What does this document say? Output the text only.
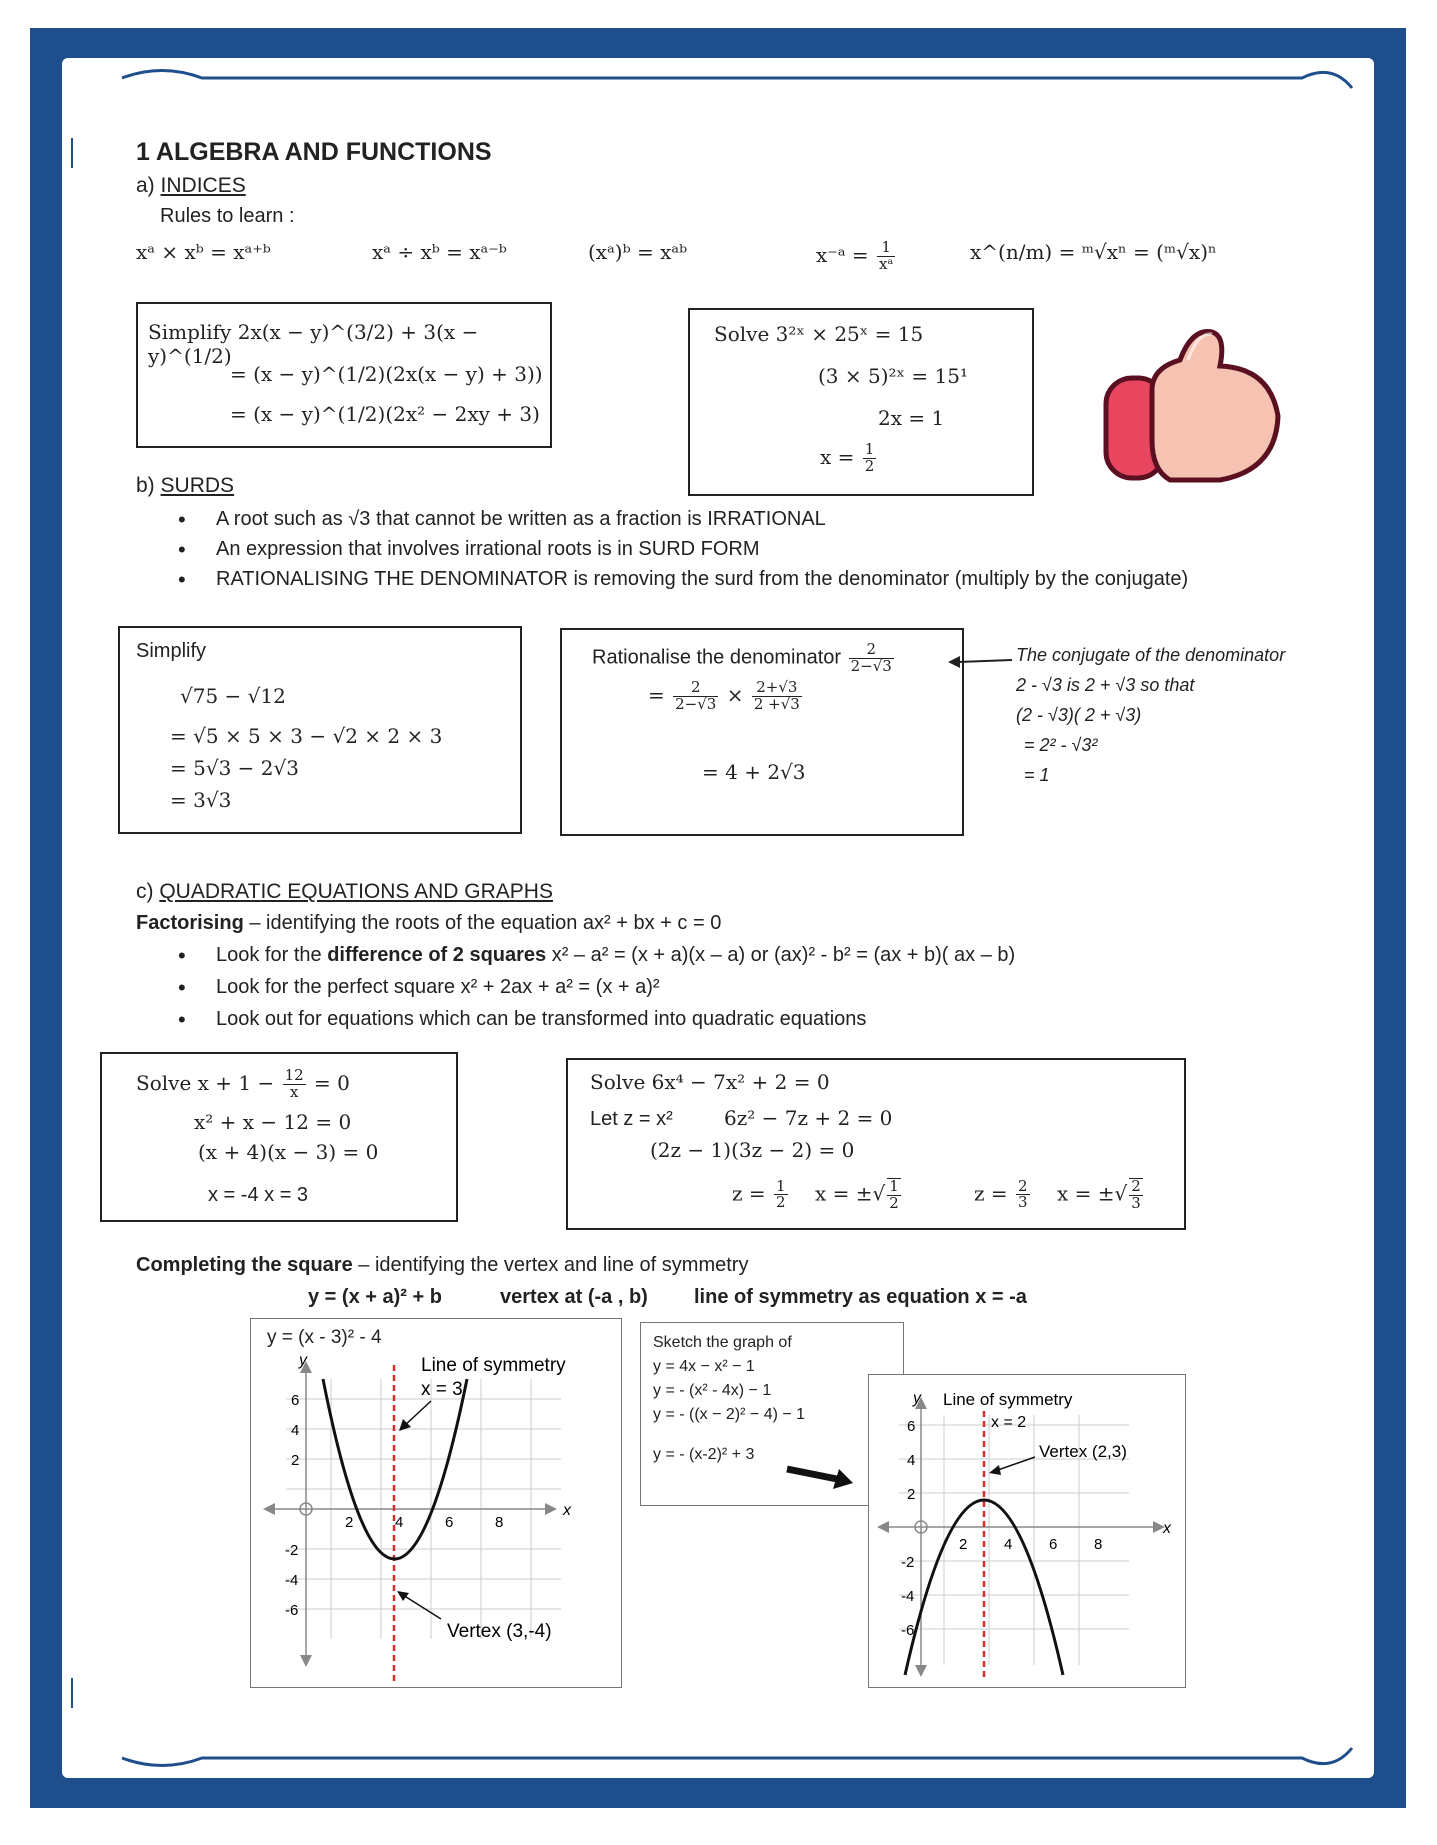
1 ALGEBRA AND FUNCTIONS
a) INDICES
Rules to learn :
xᵃ × xᵇ = xᵃ⁺ᵇ	xᵃ ÷ xᵇ = xᵃ⁻ᵇ	(xᵃ)ᵇ = xᵃᵇ	x⁻ᵃ = $\frac{1}{\text{xᵃ}}$	x^(n/m) = ᵐ√xⁿ = (ᵐ√x)ⁿ
Simplify 2x(x − y)^(3/2) + 3(x − y)^(1/2)
= (x − y)^(1/2)(2x(x − y) + 3))
= (x − y)^(1/2)(2x² − 2xy + 3)
Solve 3²ˣ × 25ˣ = 15
(3 × 5)²ˣ = 15¹
2x = 1
$x = \frac{1}{2}$
b) SURDS
• A root such as √3 that cannot be written as a fraction is IRRATIONAL
• An expression that involves irrational roots is in SURD FORM
• RATIONALISING THE DENOMINATOR is removing the surd from the denominator (multiply by the conjugate)
Simplify
√75 − √12
= √5 × 5 × 3 − √2 × 2 × 3
= 5√3 − 2√3
= 3√3
Rationalise the denominator $\frac{2}{2-√3}$
= $\frac{2}{2-√3} \times \frac{2+√3}{2 +√3}$
= 4 + 2√3
The conjugate of the denominator
2 - √3 is 2 + √3 so that
(2 - √3)( 2 + √3)
= 2² - √3²
= 1
c) QUADRATIC EQUATIONS AND GRAPHS
Factorising – identifying the roots of the equation ax² + bx + c = 0
• Look for the difference of 2 squares x² – a² = (x + a)(x – a) or (ax)² - b² = (ax + b)( ax – b)
• Look for the perfect square x² + 2ax + a² = (x + a)²
• Look out for equations which can be transformed into quadratic equations
Solve $x + 1 - \frac{12}{x} = 0$
x² + x − 12 = 0
(x + 4)(x − 3) = 0
x = -4 x = 3
Solve 6x⁴ − 7x² + 2 = 0
Let z = x²	6z² − 7z + 2 = 0
(2z − 1)(3z − 2) = 0
$z = \frac{1}{2}$ x = ±√ $\frac{1}{2}$	$z = \frac{2}{3}$ x = ±√ $\frac{2}{3}$
Completing the square – identifying the vertex and line of symmetry
y = (x + a)² + b	vertex at (-a , b) line of symmetry as equation x = -a
y = (x - 3)² - 4
y
x
2	4	6	8
6
4
2
-2
-4
-6
Line of symmetry
x = 3
Vertex (3,-4)
Sketch the graph of
y = 4x − x² − 1
y = - (x² - 4x) − 1
y = - ((x − 2)² − 4) − 1
y = - (x-2)² + 3
y
x
2 4 6 8
6
4
2
-2
-4
-6
Line of symmetry
x = 2
Vertex (2,3)
